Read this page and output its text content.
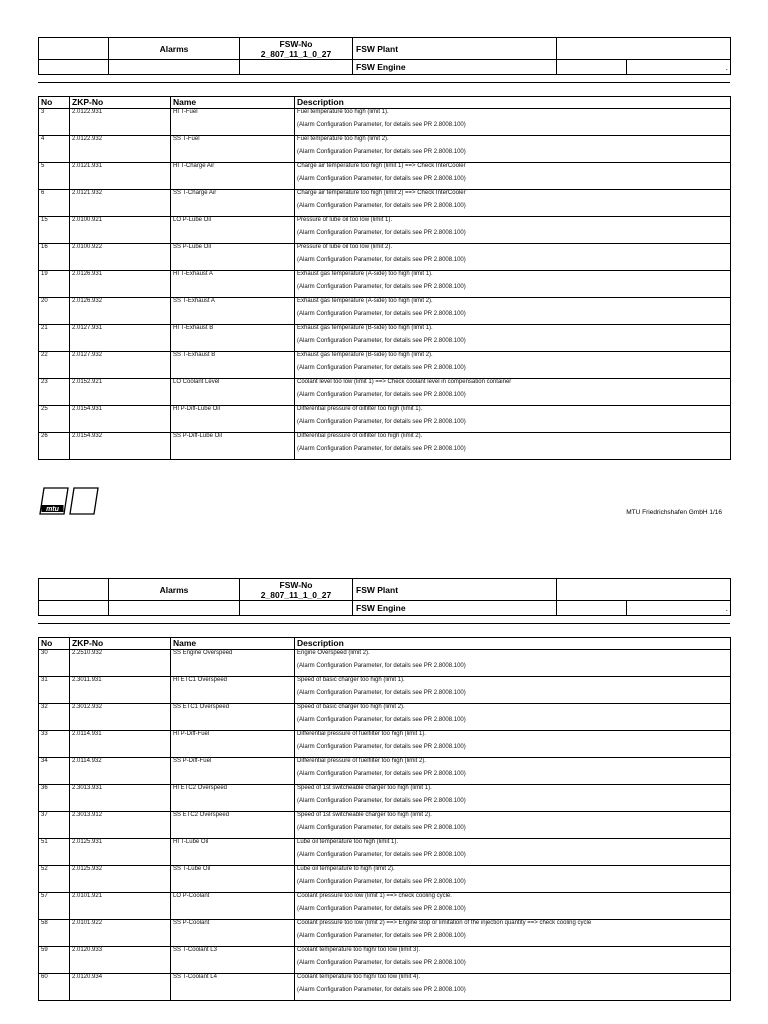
	Alarms	FSW-No
2_807_11_1_0_27	FSW Plant		
			FSW Engine		.
No	ZKP-No	Name	Description
3	2.0122.931	HI T-Fuel	Fuel temperature too high (limit 1).
(Alarm Configuration Parameter, for details see PR 2.8008.100)

4	2.0122.932	SS T-Fuel	Fuel temperature too high (limit 2).
(Alarm Configuration Parameter, for details see PR 2.8008.100)

5	2.0121.931	HI T-Charge Air	Charge air temperature too high (limit 1) ==> Check InterCooler
(Alarm Configuration Parameter, for details see PR 2.8008.100)

6	2.0121.932	SS T-Charge Air	Charge air temperature too high (limit 2) ==> Check InterCooler
(Alarm Configuration Parameter, for details see PR 2.8008.100)

15	2.0100.921	LO P-Lube Oil	Pressure of lube oil too low (limit 1).
(Alarm Configuration Parameter, for details see PR 2.8008.100)

16	2.0100.922	SS P-Lube Oil	Pressure of lube oil too low (limit 2).
(Alarm Configuration Parameter, for details see PR 2.8008.100)

19	2.0126.931	HI T-Exhaust A	Exhaust gas temperature (A-side) too high (limit 1).
(Alarm Configuration Parameter, for details see PR 2.8008.100)

20	2.0126.932	SS T-Exhaust A	Exhaust gas temperature (A-side) too high (limit 2).
(Alarm Configuration Parameter, for details see PR 2.8008.100)

21	2.0127.931	HI T-Exhaust B	Exhaust gas temperature (B-side) too high (limit 1).
(Alarm Configuration Parameter, for details see PR 2.8008.100)

22	2.0127.932	SS T-Exhaust B	Exhaust gas temperature (B-side) too high (limit 2).
(Alarm Configuration Parameter, for details see PR 2.8008.100)

23	2.0152.921	LO Coolant Level	Coolant level too low (limit 1) ==> Check coolant level in compensation container
(Alarm Configuration Parameter, for details see PR 2.8008.100)

25	2.0154.931	HI P-Diff-Lube Oil	Differential pressure of oilfilter too high (limit 1).
(Alarm Configuration Parameter, for details see PR 2.8008.100)

26	2.0154.932	SS P-Diff-Lube Oil	Differential pressure of oilfilter too high (limit 2).
(Alarm Configuration Parameter, for details see PR 2.8008.100)
mtu	MTU Friedrichshafen GmbH 1/16
	Alarms	FSW-No
2_807_11_1_0_27	FSW Plant		
			FSW Engine		.
No	ZKP-No	Name	Description
30	2.2510.932	SS Engine Overspeed	Engine Overspeed (limit 2).
(Alarm Configuration Parameter, for details see PR 2.8008.100)

31	2.3011.931	HI ETC1 Overspeed	Speed of basic charger too high (limit 1).
(Alarm Configuration Parameter, for details see PR 2.8008.100)

32	2.3012.932	SS ETC1 Overspeed	Speed of basic charger too high (limit 2).
(Alarm Configuration Parameter, for details see PR 2.8008.100)

33	2.0114.931	HI P-Diff-Fuel	Differential pressure of fuelfilter too high (limit 1).
(Alarm Configuration Parameter, for details see PR 2.8008.100)

34	2.0114.932	SS P-Diff-Fuel	Differential pressure of fuelfilter too high (limit 2).
(Alarm Configuration Parameter, for details see PR 2.8008.100)

36	2.3013.931	HI ETC2 Overspeed	Speed of 1st switcheable charger too high (limit 1).
(Alarm Configuration Parameter, for details see PR 2.8008.100)

37	2.3013.912	SS ETC2 Overspeed	Speed of 1st switcheable charger too high (limit 2).
(Alarm Configuration Parameter, for details see PR 2.8008.100)

51	2.0125.931	HI T-Lube Oil	Lube oil temperature too high (limit 1).
(Alarm Configuration Parameter, for details see PR 2.8008.100)

52	2.0125.932	SS T-Lube Oil	Lube oil temperature to high (limit 2).
(Alarm Configuration Parameter, for details see PR 2.8008.100)

57	2.0101.921	LO P-Coolant	Coolant pressure too low (limit 1) ==> check cooling cycle.
(Alarm Configuration Parameter, for details see PR 2.8008.100)

58	2.0101.922	SS P-Coolant	Coolant pressure too low (limit 2) ==> Engine stop or limitation of the injection quantity ==> check cooling cycle
(Alarm Configuration Parameter, for details see PR 2.8008.100)

59	2.0120.933	SS T-Coolant L3	Coolant temperature too high/ too low (limit 3).
(Alarm Configuration Parameter, for details see PR 2.8008.100)

60	2.0120.934	SS T-Coolant L4	Coolant temperature too high/ too low (limit 4).
(Alarm Configuration Parameter, for details see PR 2.8008.100)
